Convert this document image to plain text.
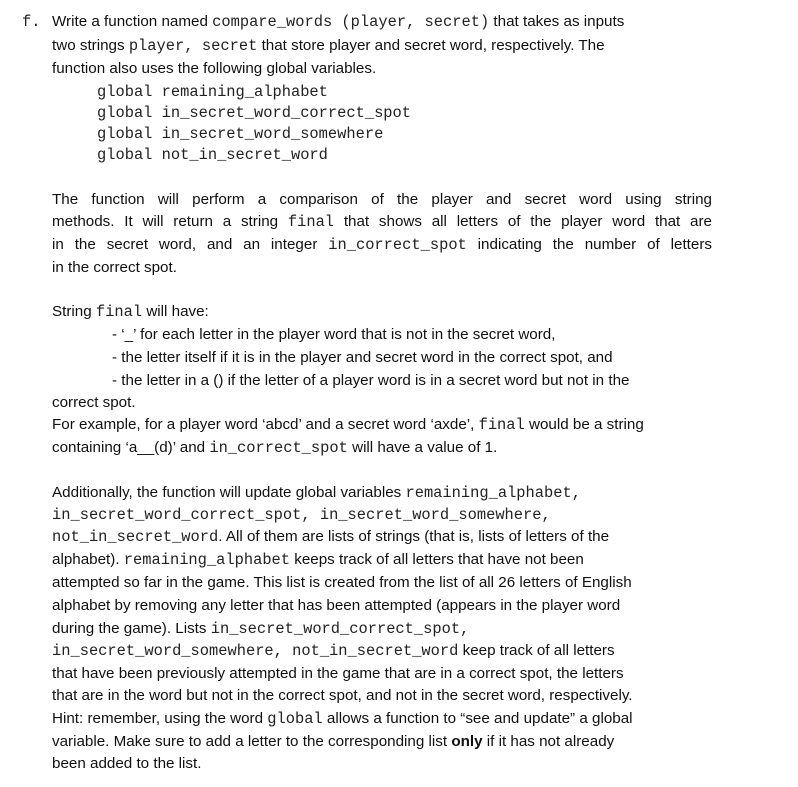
f. Write a function named compare_words (player, secret) that takes as inputs
two strings player, secret that store player and secret word, respectively. The
function also uses the following global variables.
global remaining_alphabet
global in_secret_word_correct_spot
global in_secret_word_somewhere
global not_in_secret_word
The function will perform a comparison of the player and secret word using string
methods. It will return a string final that shows all letters of the player word that are
in the secret word, and an integer in_correct_spot indicating the number of letters
in the correct spot.
String final will have:
- ‘_’ for each letter in the player word that is not in the secret word,
- the letter itself if it is in the player and secret word in the correct spot, and
- the letter in a () if the letter of a player word is in a secret word but not in the
correct spot.
For example, for a player word ‘abcd’ and a secret word ‘axde’, final would be a string
containing ‘a__(d)’ and in_correct_spot will have a value of 1.
Additionally, the function will update global variables remaining_alphabet,
in_secret_word_correct_spot, in_secret_word_somewhere,
not_in_secret_word. All of them are lists of strings (that is, lists of letters of the
alphabet). remaining_alphabet keeps track of all letters that have not been
attempted so far in the game. This list is created from the list of all 26 letters of English
alphabet by removing any letter that has been attempted (appears in the player word
during the game). Lists in_secret_word_correct_spot,
in_secret_word_somewhere, not_in_secret_word keep track of all letters
that have been previously attempted in the game that are in a correct spot, the letters
that are in the word but not in the correct spot, and not in the secret word, respectively.
Hint: remember, using the word global allows a function to “see and update” a global
variable. Make sure to add a letter to the corresponding list only if it has not already
been added to the list.
